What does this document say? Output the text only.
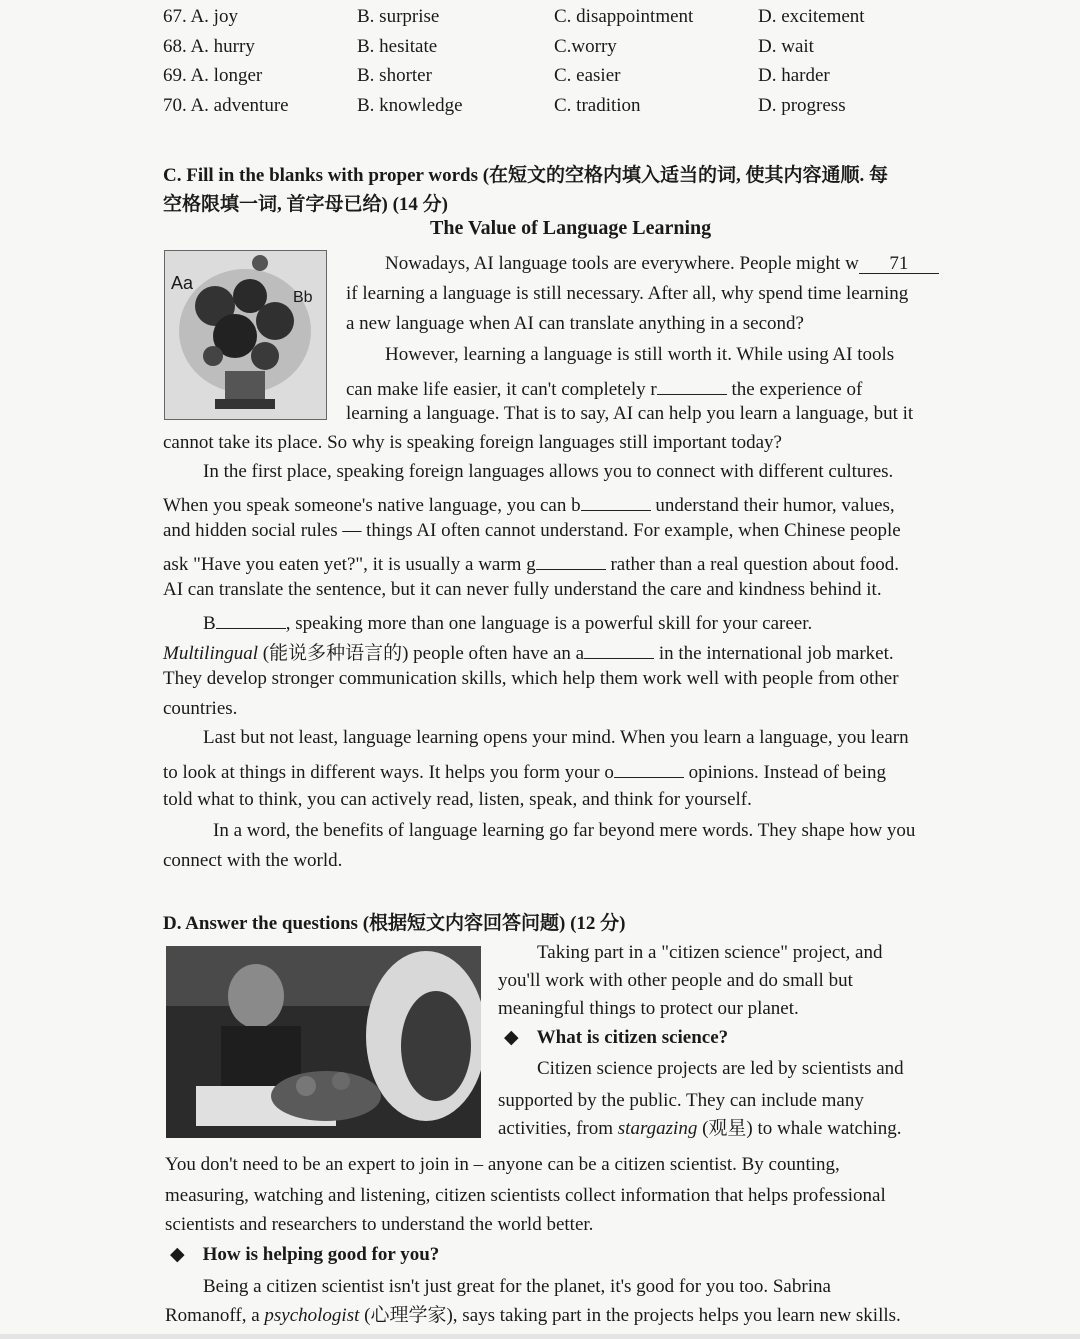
67. A. joy	B. surprise	C. disappointment	D. excitement
68. A. hurry	B. hesitate	C.worry	D. wait
69. A. longer	B. shorter	C. easier	D. harder
70. A. adventure	B. knowledge	C. tradition	D. progress
C. Fill in the blanks with proper words (在短文的空格内填入适当的词, 使其内容通顺. 每
空格限填一词, 首字母已给) (14 分)
The Value of Language Learning
Aa
Bb
Nowadays, AI language tools are everywhere. People might w 71
if learning a language is still necessary. After all, why spend time learning
a new language when AI can translate anything in a second?
However, learning a language is still worth it. While using AI tools
can make life easier, it can't completely r	the experience of
learning a language. That is to say, AI can help you learn a language, but it
cannot take its place. So why is speaking foreign languages still important today?
In the first place, speaking foreign languages allows you to connect with different cultures.
When you speak someone's native language, you can b	understand their humor, values,
and hidden social rules — things AI often cannot understand. For example, when Chinese people
ask "Have you eaten yet?", it is usually a warm g	rather than a real question about food.
AI can translate the sentence, but it can never fully understand the care and kindness behind it.
B	, speaking more than one language is a powerful skill for your career.
Multilingual (能说多种语言的) people often have an a	in the international job market.
They develop stronger communication skills, which help them work well with people from other
countries.
Last but not least, language learning opens your mind. When you learn a language, you learn
to look at things in different ways. It helps you form your o	opinions. Instead of being
told what to think, you can actively read, listen, speak, and think for yourself.
In a word, the benefits of language learning go far beyond mere words. They shape how you
connect with the world.
D. Answer the questions (根据短文内容回答问题) (12 分)
Taking part in a "citizen science" project, and
you'll work with other people and do small but
meaningful things to protect our planet.
◆ What is citizen science?
Citizen science projects are led by scientists and
supported by the public. They can include many
activities, from stargazing (观星) to whale watching.
You don't need to be an expert to join in – anyone can be a citizen scientist. By counting,
measuring, watching and listening, citizen scientists collect information that helps professional
scientists and researchers to understand the world better.
◆ How is helping good for you?
Being a citizen scientist isn't just great for the planet, it's good for you too. Sabrina
Romanoff, a psychologist (心理学家), says taking part in the projects helps you learn new skills.
